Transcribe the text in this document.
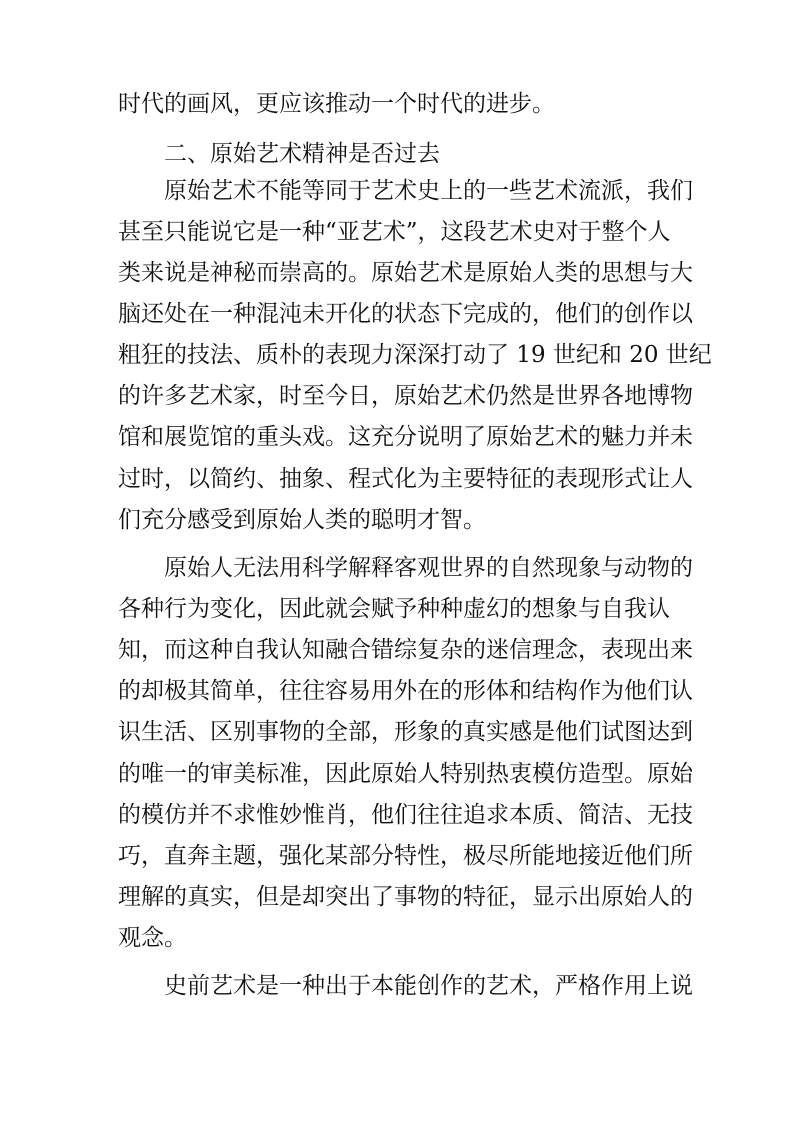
时代的画风，更应该推动一个时代的进步。

二、原始艺术精神是否过去

原始艺术不能等同于艺术史上的一些艺术流派，我们

甚至只能说它是一种“亚艺术”，这段艺术史对于整个人

类来说是神秘而崇高的。原始艺术是原始人类的思想与大

脑还处在一种混沌未开化的状态下完成的，他们的创作以

粗狂的技法、质朴的表现力深深打动了 19 世纪和 20 世纪

的许多艺术家，时至今日，原始艺术仍然是世界各地博物

馆和展览馆的重头戏。这充分说明了原始艺术的魅力并未

过时，以简约、抽象、程式化为主要特征的表现形式让人

们充分感受到原始人类的聪明才智。

原始人无法用科学解释客观世界的自然现象与动物的

各种行为变化，因此就会赋予种种虚幻的想象与自我认

知，而这种自我认知融合错综复杂的迷信理念，表现出来

的却极其简单，往往容易用外在的形体和结构作为他们认

识生活、区别事物的全部，形象的真实感是他们试图达到

的唯一的审美标准，因此原始人特别热衷模仿造型。原始

的模仿并不求惟妙惟肖，他们往往追求本质、简洁、无技

巧，直奔主题，强化某部分特性，极尽所能地接近他们所

理解的真实，但是却突出了事物的特征，显示出原始人的

观念。

史前艺术是一种出于本能创作的艺术，严格作用上说
